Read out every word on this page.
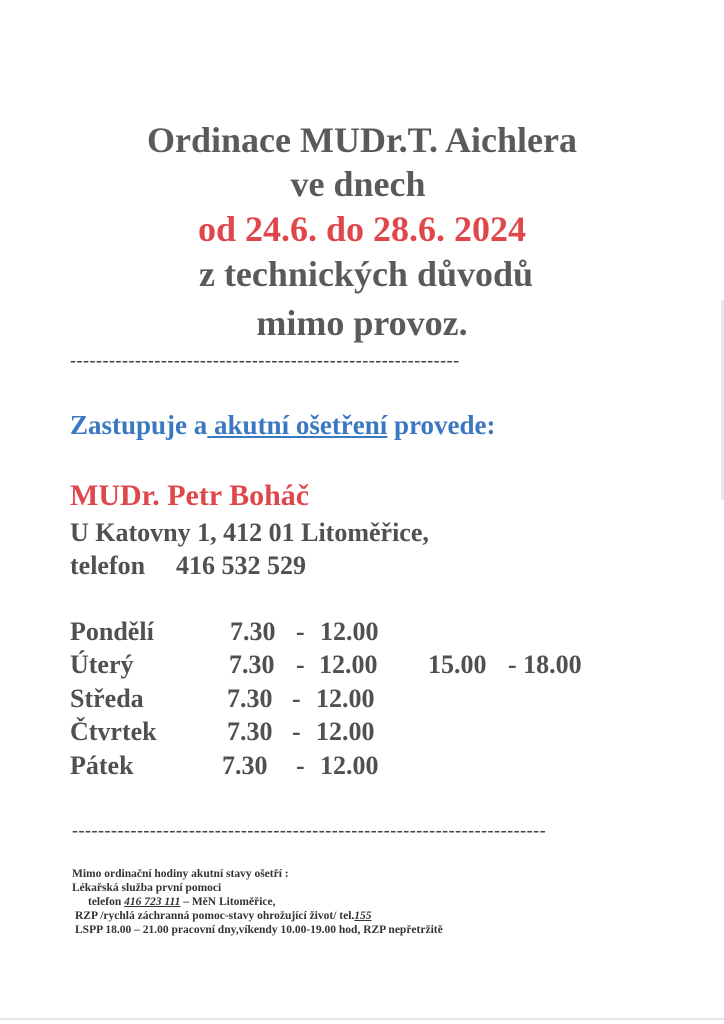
Ordinace MUDr.T. Aichlera
ve dnech
od 24.6. do 28.6. 2024
z technických důvodů
mimo provoz.
------------------------------------------------------------
Zastupuje a akutní ošetření provede:
MUDr. Petr Boháč
U Katovny 1, 412 01 Litoměřice,
telefon 416 532 529
Pondělí	7.30 - 12.00
Úterý	7.30 - 12.00 15.00 - 18.00
Středa	7.30 - 12.00
Čtvrtek	7.30 - 12.00
Pátek	7.30 - 12.00
-------------------------------------------------------------------------
Mimo ordinační hodiny akutní stavy ošetří :
Lékařská služba první pomoci
telefon 416 723 111 – MěN Litoměřice,
RZP /rychlá záchranná pomoc-stavy ohrožující život/ tel.155
LSPP 18.00 – 21.00 pracovní dny,víkendy 10.00-19.00 hod, RZP nepřetržitě
